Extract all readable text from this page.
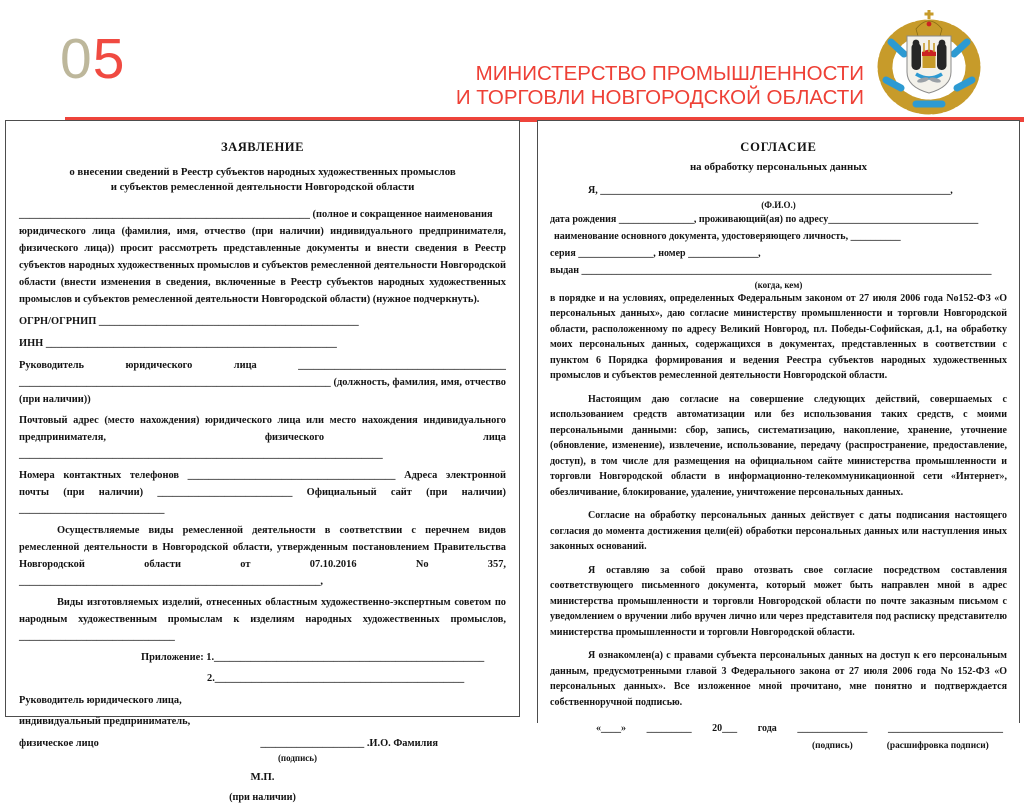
05	МИНИСТЕРСТВО ПРОМЫШЛЕННОСТИ
И ТОРГОВЛИ НОВГОРОДСКОЙ ОБЛАСТИ
ЗАЯВЛЕНИЕ
о внесении сведений в Реестр субъектов народных художественных промыслов
и субъектов ремесленной деятельности Новгородской области
________________________________________________________ (полное и сокращенное наименования
юридического лица (фамилия, имя, отчество (при наличии) индивидуального предпринимателя, физического лица)) просит рассмотреть представленные документы и внести сведения в Реестр субъектов народных художественных промыслов и субъектов ремесленной деятельности Новгородской области (внести изменения в сведения, включенные в Реестр субъектов народных художественных промыслов и субъектов ремесленной деятельности Новгородской области) (нужное подчеркнуть).
ОГРН/ОГРНИП __________________________________________________
ИНН ________________________________________________________
Руководитель юридического лица ________________________________________
____________________________________________________________ (должность, фамилия, имя, отчество (при наличии))
Почтовый адрес (место нахождения) юридического лица или место нахождения индивидуального предпринимателя, физического лица ______________________________________________________________________
Номера контактных телефонов ________________________________________ Адреса электронной почты (при наличии) __________________________ Официальный сайт (при наличии) ____________________________
Осуществляемые виды ремесленной деятельности в соответствии с перечнем видов ремесленной деятельности в Новгородской области, утвержденным постановлением Правительства Новгородской области от 07.10.2016 No 357, __________________________________________________________,
Виды изготовляемых изделий, отнесенных областным художественно-экспертным советом по народным художественным промыслам к изделиям народных художественных промыслов, ______________________________
Приложение: 1.____________________________________________________
2.________________________________________________
Руководитель юридического лица,
индивидуальный предприниматель,
физическое лицо	____________________ .И.О. Фамилия
(подпись)
М.П.
(при наличии)
СОГЛАСИЕ
на обработку персональных данных
Я, ______________________________________________________________________,
(Ф.И.О.)
дата рождения _______________, проживающий(ая) по адресу______________________________
наименование основного документа, удостоверяющего личность, __________
серия _______________, номер ______________,
выдан __________________________________________________________________________________
(когда, кем)
в порядке и на условиях, определенных Федеральным законом от 27 июля 2006 года No152-ФЗ «О персональных данных», даю согласие министерству промышленности и торговли Новгородской области, расположенному по адресу Великий Новгород, пл. Победы-Софийская, д.1, на обработку моих персональных данных, содержащихся в документах, представленных в соответствии с пунктом 6 Порядка формирования и ведения Реестра субъектов народных художественных промыслов и субъектов ремесленной деятельности Новгородской области.
Настоящим даю согласие на совершение следующих действий, совершаемых с использованием средств автоматизации или без использования таких средств, с моими персональными данными: сбор, запись, систематизацию, накопление, хранение, уточнение (обновление, изменение), извлечение, использование, передачу (распространение, предоставление, доступ), в том числе для размещения на официальном сайте министерства промышленности и торговли Новгородской области в информационно-телекоммуникационной сети «Интернет», обезличивание, блокирование, удаление, уничтожение персональных данных.
Согласие на обработку персональных данных действует с даты подписания настоящего согласия до момента достижения цели(ей) обработки персональных данных или наступления иных законных оснований.
Я оставляю за собой право отозвать свое согласие посредством составления соответствующего письменного документа, который может быть направлен мной в адрес министерства промышленности и торговли Новгородской области по почте заказным письмом с уведомлением о вручении либо вручен лично или через представителя под расписку представителю министерства промышленности и торговли Новгородской области.
Я ознакомлен(а) с правами субъекта персональных данных на доступ к его персональным данным, предусмотренными главой 3 Федерального закона от 27 июля 2006 года No 152-ФЗ «О персональных данных». Все изложенное мной прочитано, мне понятно и подтверждается собственноручной подписью.
«____» _________ 20___ года ______________ _______________________
(подпись)	(расшифровка подписи)
